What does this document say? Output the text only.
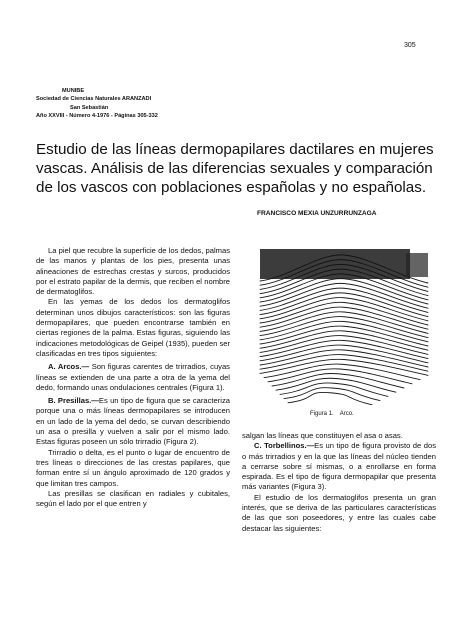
305
MUNIBE
Sociedad de Ciencias Naturales ARANZADI
San Sebastián
Año XXVIII - Número 4-1976 - Páginas 305-332
Estudio de las líneas dermopapilares dactilares en mujeres vascas. Análisis de las diferencias sexuales y comparación de los vascos con poblaciones españolas y no españolas.
FRANCISCO MEXIA UNZURRUNZAGA

La piel que recubre la superficie de los dedos, palmas de las manos y plantas de los pies, presenta unas alineaciones de estrechas crestas y surcos, producidos por el estrato papilar de la dermis, que reciben el nombre de dermatoglifos.

En las yemas de los dedos los dermatoglifos determinan unos dibujos característicos: son las figuras dermopapilares, que pueden encontrarse también en ciertas regiones de la palma. Estas figuras, siguiendo las indicaciones metodológicas de Geipel (1935), pueden ser clasificadas en tres tipos siguientes:

A. Arcos.— Son figuras carentes de trirradios, cuyas líneas se extienden de una parte a otra de la yema del dedo, formando unas ondulaciones centrales (Figura 1).

B. Presillas.—Es un tipo de figura que se caracteriza porque una o más líneas dermopapilares se introducen en un lado de la yema del dedo, se curvan describiendo un asa o presilla y vuelven a salir por el mismo lado. Estas figuras poseen un sólo trirradio (Figura 2).

Trirradio o delta, es el punto o lugar de encuentro de tres líneas o direcciones de las crestas papilares, que forman entre sí un ángulo aproximado de 120 grados y que limitan tres campos.

Las presillas se clasifican en radiales y cubitales, según el lado por el que entren y

Figura 1. Arco.

salgan las líneas que constituyen el asa o asas.

C. Torbellinos.—Es un tipo de figura provisto de dos o más trirradios y en la que las líneas del núcleo tienden a cerrarse sobre sí mismas, o a enrollarse en forma espirada. Es el tipo de figura dermopapilar que presenta más variantes (Figura 3).

El estudio de los dermatoglifos presenta un gran interés, que se deriva de las particulares características de las que son poseedores, y entre las cuales cabe destacar las siguientes:
